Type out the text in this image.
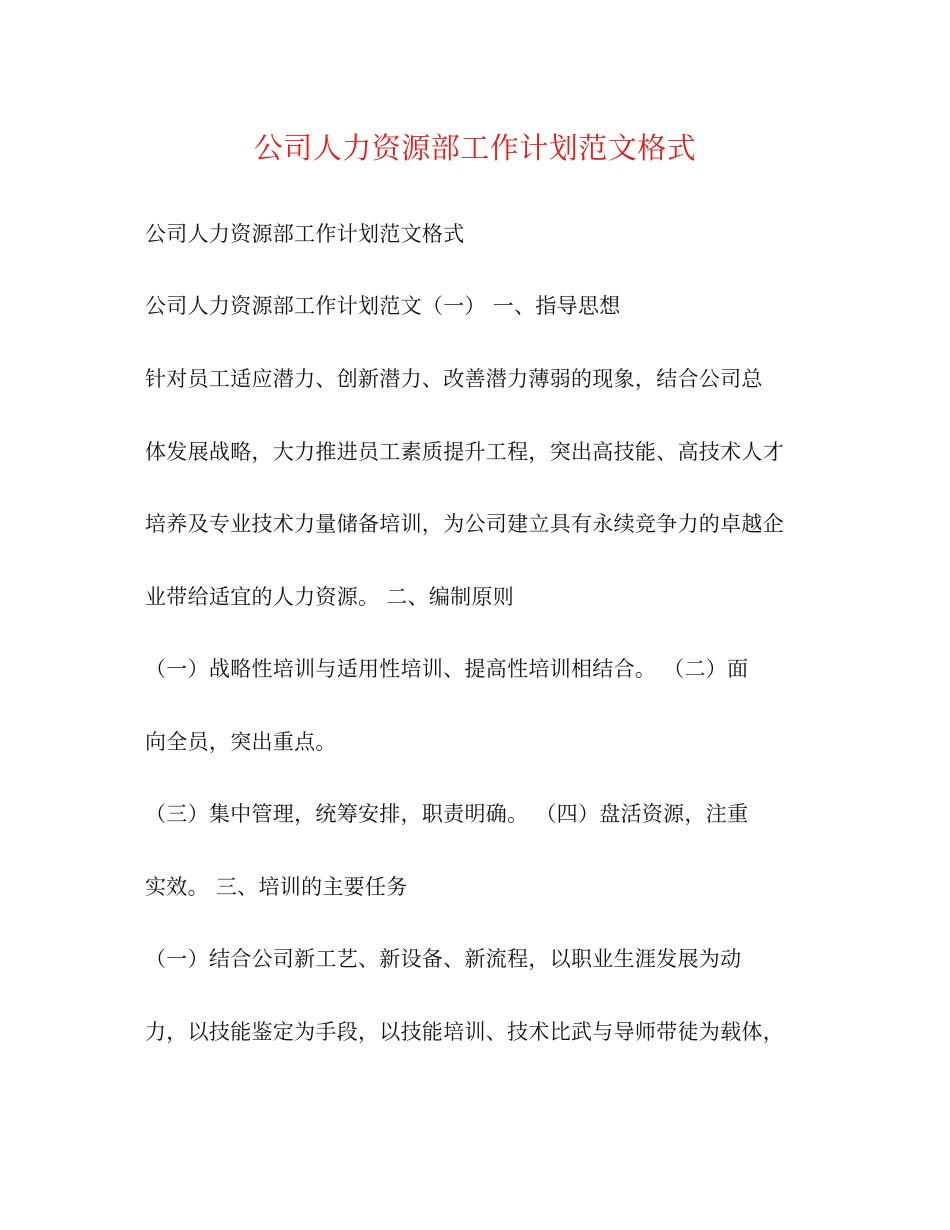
公司人力资源部工作计划范文格式
公司人力资源部工作计划范文格式
公司人力资源部工作计划范文（一） 一、指导思想
针对员工适应潜力、创新潜力、改善潜力薄弱的现象，结合公司总
体发展战略，大力推进员工素质提升工程，突出高技能、高技术人才
培养及专业技术力量储备培训，为公司建立具有永续竞争力的卓越企
业带给适宜的人力资源。 二、编制原则
（一）战略性培训与适用性培训、提高性培训相结合。 （二）面
向全员，突出重点。
（三）集中管理，统筹安排，职责明确。 （四）盘活资源，注重
实效。 三、培训的主要任务
（一）结合公司新工艺、新设备、新流程，以职业生涯发展为动
力，以技能鉴定为手段，以技能培训、技术比武与导师带徒为载体，
